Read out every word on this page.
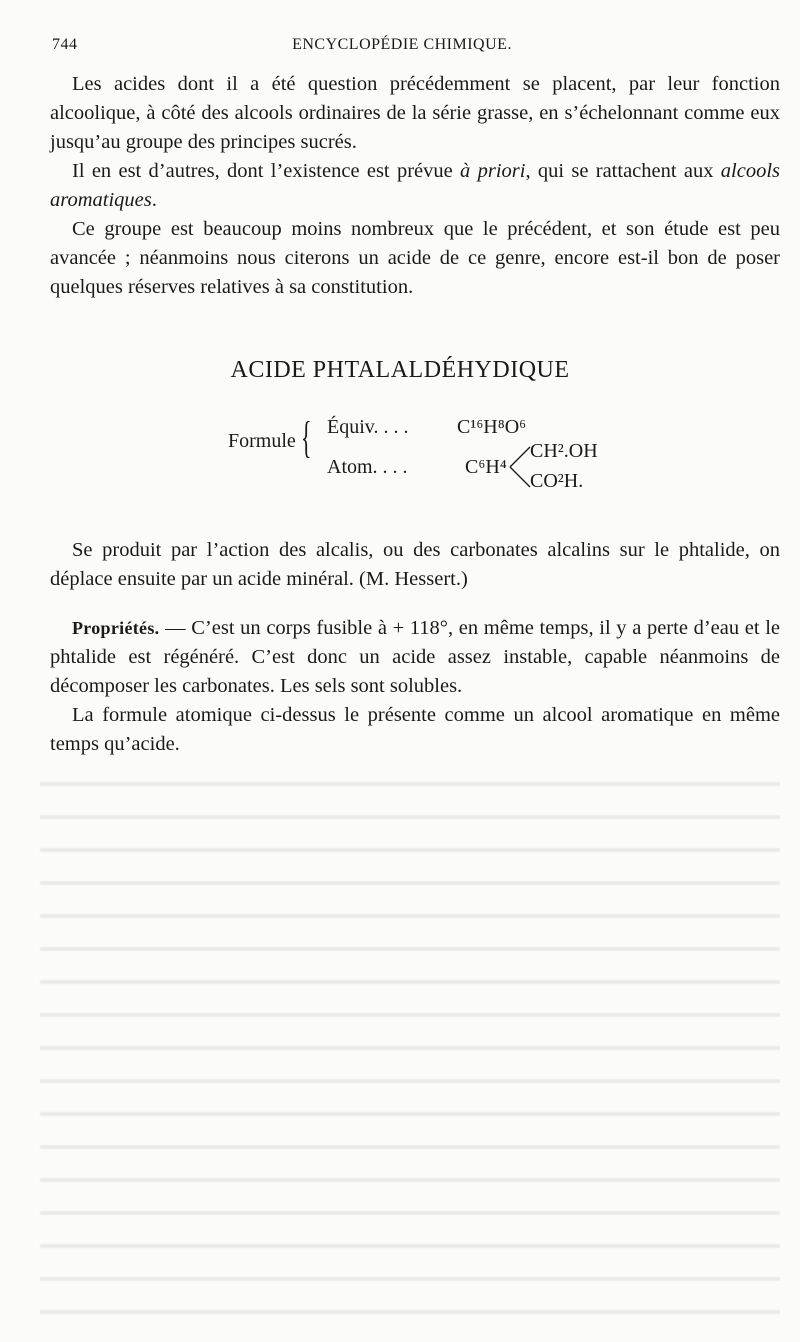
744	ENCYCLOPÉDIE CHIMIQUE.

Les acides dont il a été question précédemment se placent, par leur fonction alcoolique, à côté des alcools ordinaires de la série grasse, en s’échelonnant comme eux jusqu’au groupe des principes sucrés.

Il en est d’autres, dont l’existence est prévue à priori, qui se rattachent aux alcools aromatiques.

Ce groupe est beaucoup moins nombreux que le précédent, et son étude est peu avancée ; néanmoins nous citerons un acide de ce genre, encore est-il bon de poser quelques réserves relatives à sa constitution.

ACIDE PHTALALDÉHYDIQUE
Formule { Équiv. . . . C¹⁶H⁸O⁶
Atom. . . .	C⁶H⁴
CH².OH
CO²H.

Se produit par l’action des alcalis, ou des carbonates alcalins sur le phtalide, on déplace ensuite par un acide minéral. (M. Hessert.)

Propriétés. — C’est un corps fusible à + 118°, en même temps, il y a perte d’eau et le phtalide est régénéré. C’est donc un acide assez instable, capable néanmoins de décomposer les carbonates. Les sels sont solubles.

La formule atomique ci-dessus le présente comme un alcool aromatique en même temps qu’acide.
